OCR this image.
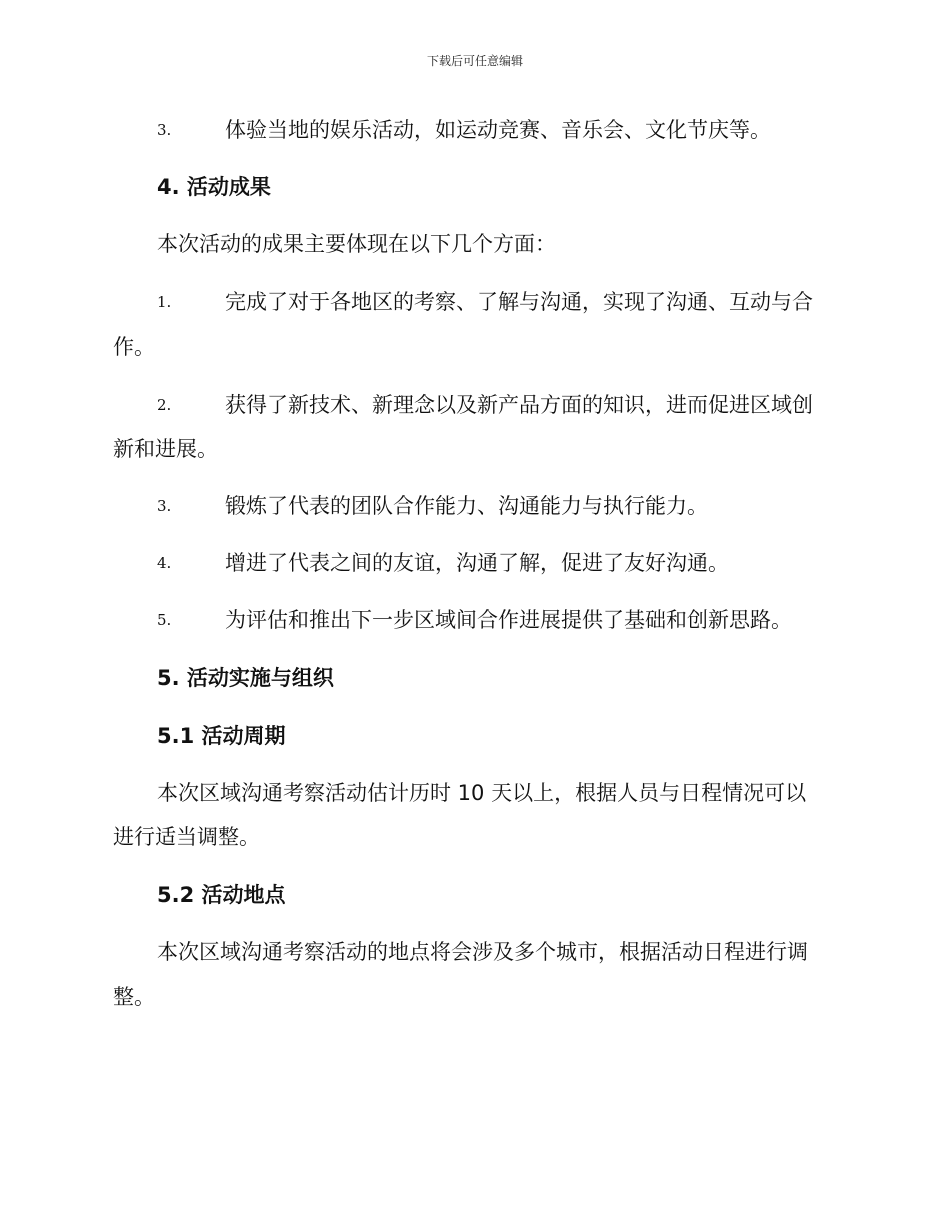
下载后可任意编辑
3.	体验当地的娱乐活动，如运动竞赛、音乐会、文化节庆等。
4. 活动成果
本次活动的成果主要体现在以下几个方面：
1.	完成了对于各地区的考察、了解与沟通，实现了沟通、互动与合
作。
2.	获得了新技术、新理念以及新产品方面的知识，进而促进区域创
新和进展。
3.	锻炼了代表的团队合作能力、沟通能力与执行能力。
4.	增进了代表之间的友谊，沟通了解，促进了友好沟通。
5.	为评估和推出下一步区域间合作进展提供了基础和创新思路。
5. 活动实施与组织
5.1 活动周期
本次区域沟通考察活动估计历时 10 天以上，根据人员与日程情况可以
进行适当调整。
5.2 活动地点
本次区域沟通考察活动的地点将会涉及多个城市，根据活动日程进行调
整。
